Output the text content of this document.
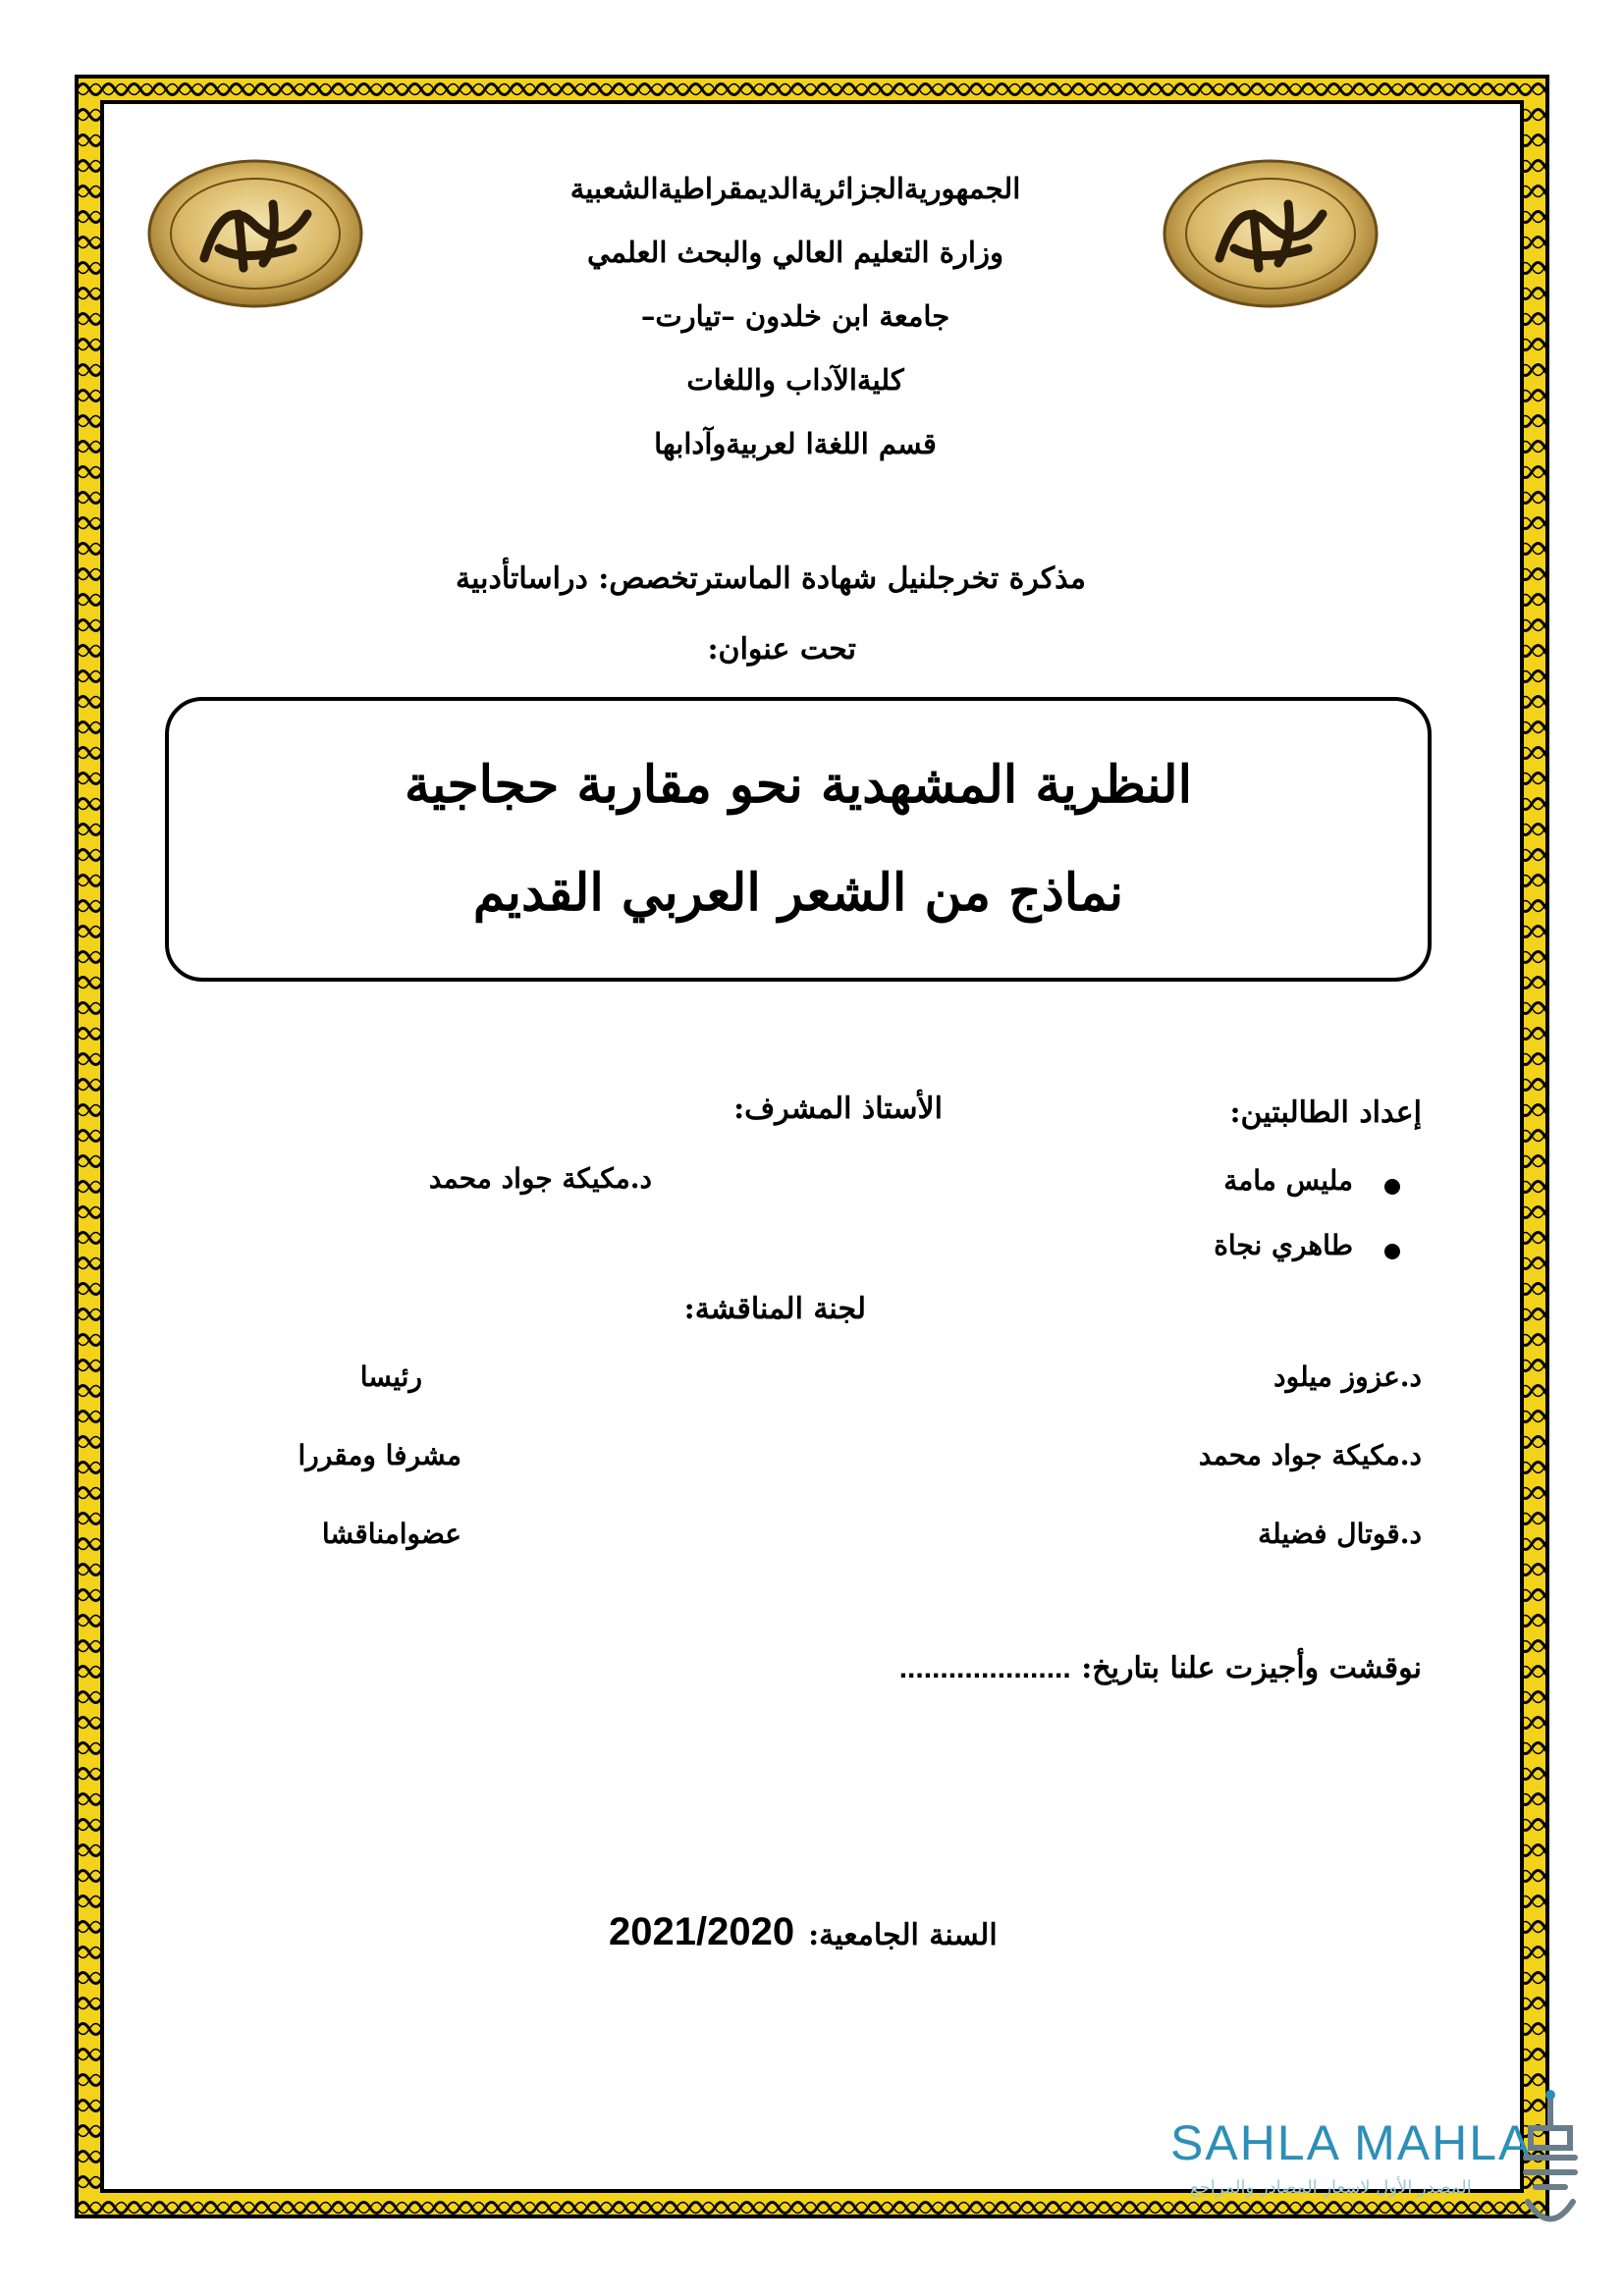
الجمهوريةالجزائريةالديمقراطيةالشعبية
وزارة التعليم العالي والبحث العلمي
جامعة ابن خلدون –تيارت–
كليةالآداب واللغات
قسم اللغةا لعربيةوآدابها
مذكرة تخرجلنيل شهادة الماسترتخصص: دراساتأدبية
تحت عنوان:
النظرية المشهدية نحو مقاربة حجاجية
نماذج من الشعر العربي القديم
إعداد الطالبتين:
الأستاذ المشرف:
مليس مامة
طاهري نجاة
د.مكيكة جواد محمد
لجنة المناقشة:
د.عزوز ميلود
رئيسا
د.مكيكة جواد محمد
مشرفا ومقررا
د.قوتال فضيلة
عضوامناقشا
نوقشت وأجيزت علنا بتاريخ: .....................
2021/2020 السنة الجامعية:
SAHLA MAHLA
المصدر الأول لاسعار المصادر والمراجع
